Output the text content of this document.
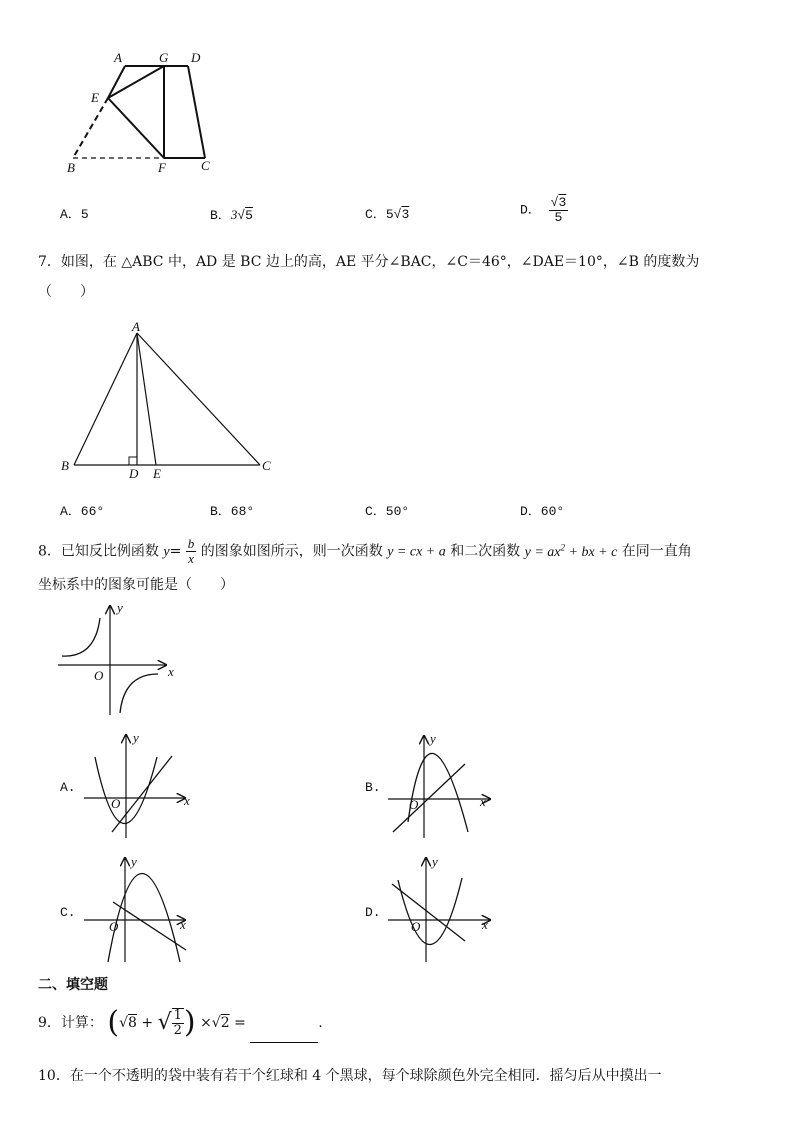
A	G D
E
B	F	C
A．5	B．3√5	C．5√3	D． $\frac{√3}{5}$
7．如图，在 △ABC 中，AD 是 BC 边上的高，AE 平分∠BAC，∠C＝46°，∠DAE＝10°，∠B 的度数为
（　　）
A
B
D E
C
A．66°	B．68°	C．50°	D．60°
8．已知反比例函数 $y= \frac{b}{x}$ 的图象如图所示，则一次函数 y = cx + a 和二次函数 $y = ax^2$ + bx + c 在同一直角
坐标系中的图象可能是（　　）
y
x
O
A.
y
x
O
B.
y
x
O
C.
y
x
O
D.
y
x
O
二、填空题
9．计算： (√8 + √ $\frac{1}{2}$ ) ×√2 =	.
10．在一个不透明的袋中装有若干个红球和 4 个黑球，每个球除颜色外完全相同．摇匀后从中摸出一
